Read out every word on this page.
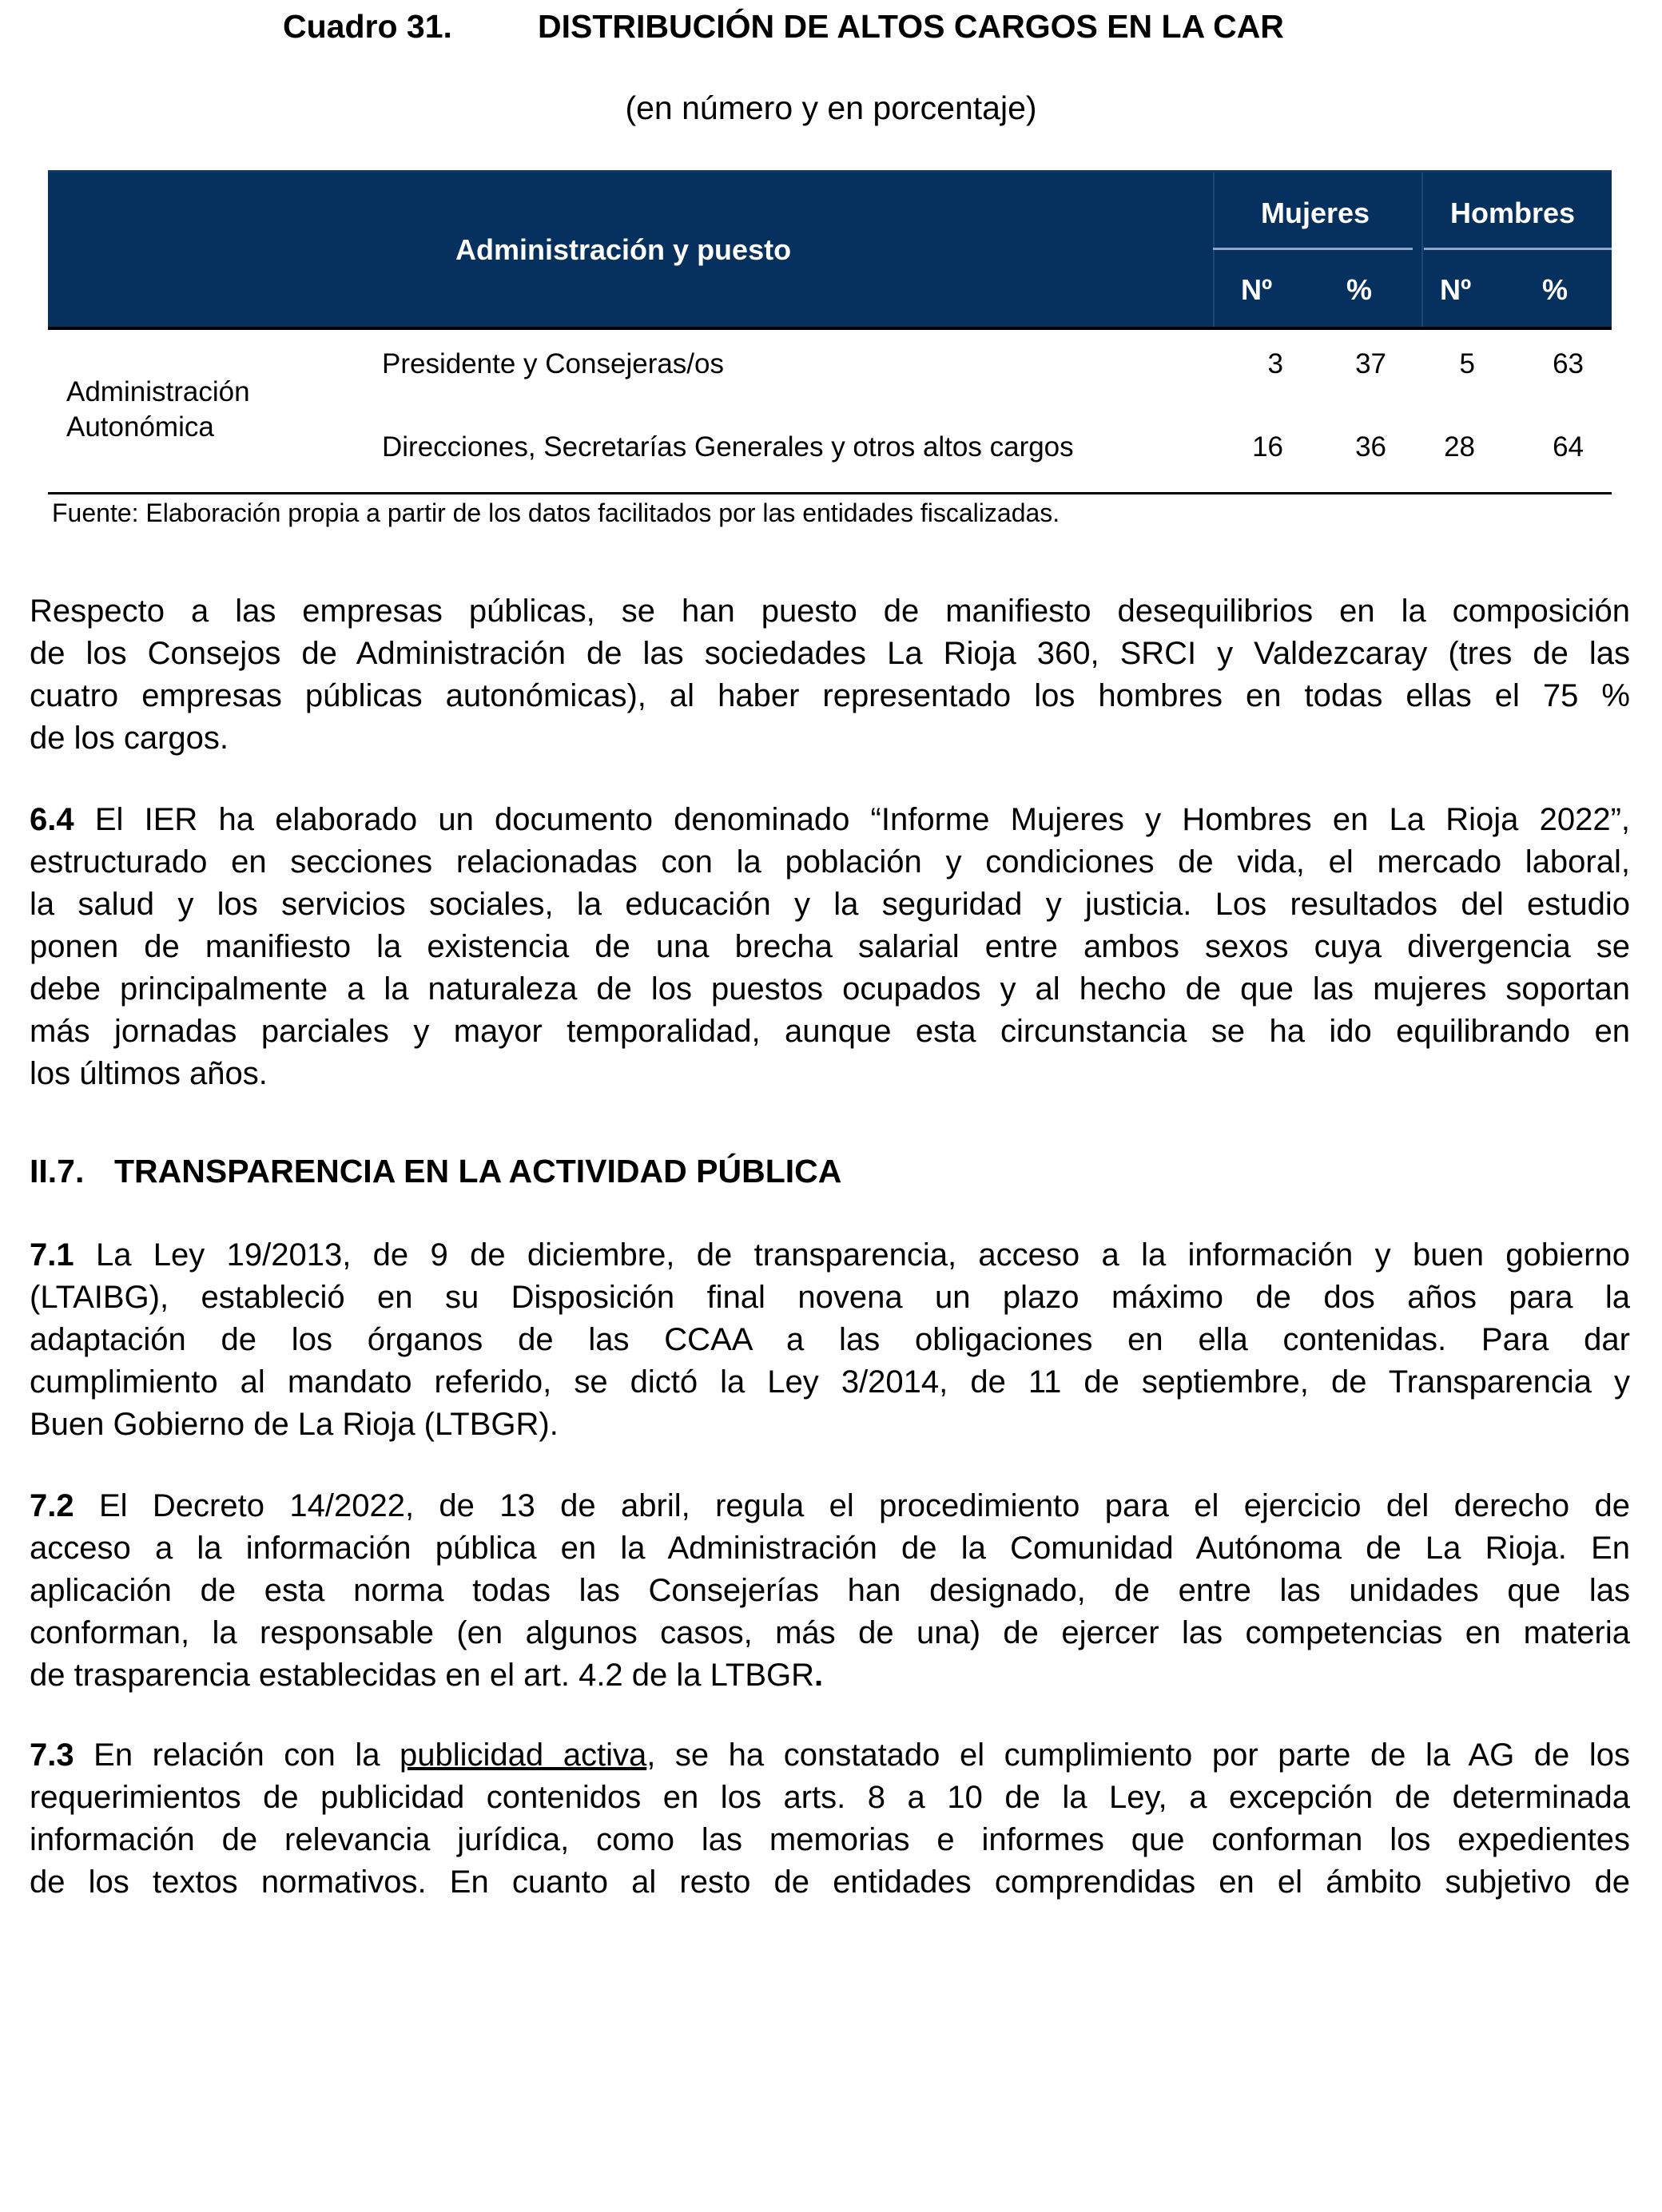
Cuadro 31.	DISTRIBUCIÓN DE ALTOS CARGOS EN LA CAR
(en número y en porcentaje)
Administración y puesto
Mujeres	Hombres
Nº	% Nº %
Administración
Autonómica
Presidente y Consejeras/os	3	37	5	63
Direcciones, Secretarías Generales y otros altos cargos	16	36	28	64
Fuente: Elaboración propia a partir de los datos facilitados por las entidades fiscalizadas.
Respecto a las empresas públicas, se han puesto de manifiesto desequilibrios en la composición
de los Consejos de Administración de las sociedades La Rioja 360, SRCI y Valdezcaray (tres de las
cuatro empresas públicas autonómicas), al haber representado los hombres en todas ellas el 75 %
de los cargos.
6.4 El IER ha elaborado un documento denominado “Informe Mujeres y Hombres en La Rioja 2022”,
estructurado en secciones relacionadas con la población y condiciones de vida, el mercado laboral,
la salud y los servicios sociales, la educación y la seguridad y justicia. Los resultados del estudio
ponen de manifiesto la existencia de una brecha salarial entre ambos sexos cuya divergencia se
debe principalmente a la naturaleza de los puestos ocupados y al hecho de que las mujeres soportan
más jornadas parciales y mayor temporalidad, aunque esta circunstancia se ha ido equilibrando en
los últimos años.
II.7. TRANSPARENCIA EN LA ACTIVIDAD PÚBLICA
7.1 La Ley 19/2013, de 9 de diciembre, de transparencia, acceso a la información y buen gobierno
(LTAIBG), estableció en su Disposición final novena un plazo máximo de dos años para la
adaptación de los órganos de las CCAA a las obligaciones en ella contenidas. Para dar
cumplimiento al mandato referido, se dictó la Ley 3/2014, de 11 de septiembre, de Transparencia y
Buen Gobierno de La Rioja (LTBGR).
7.2 El Decreto 14/2022, de 13 de abril, regula el procedimiento para el ejercicio del derecho de
acceso a la información pública en la Administración de la Comunidad Autónoma de La Rioja. En
aplicación de esta norma todas las Consejerías han designado, de entre las unidades que las
conforman, la responsable (en algunos casos, más de una) de ejercer las competencias en materia
de trasparencia establecidas en el art. 4.2 de la LTBGR.
7.3 En relación con la publicidad activa, se ha constatado el cumplimiento por parte de la AG de los
requerimientos de publicidad contenidos en los arts. 8 a 10 de la Ley, a excepción de determinada
información de relevancia jurídica, como las memorias e informes que conforman los expedientes
de los textos normativos. En cuanto al resto de entidades comprendidas en el ámbito subjetivo de
